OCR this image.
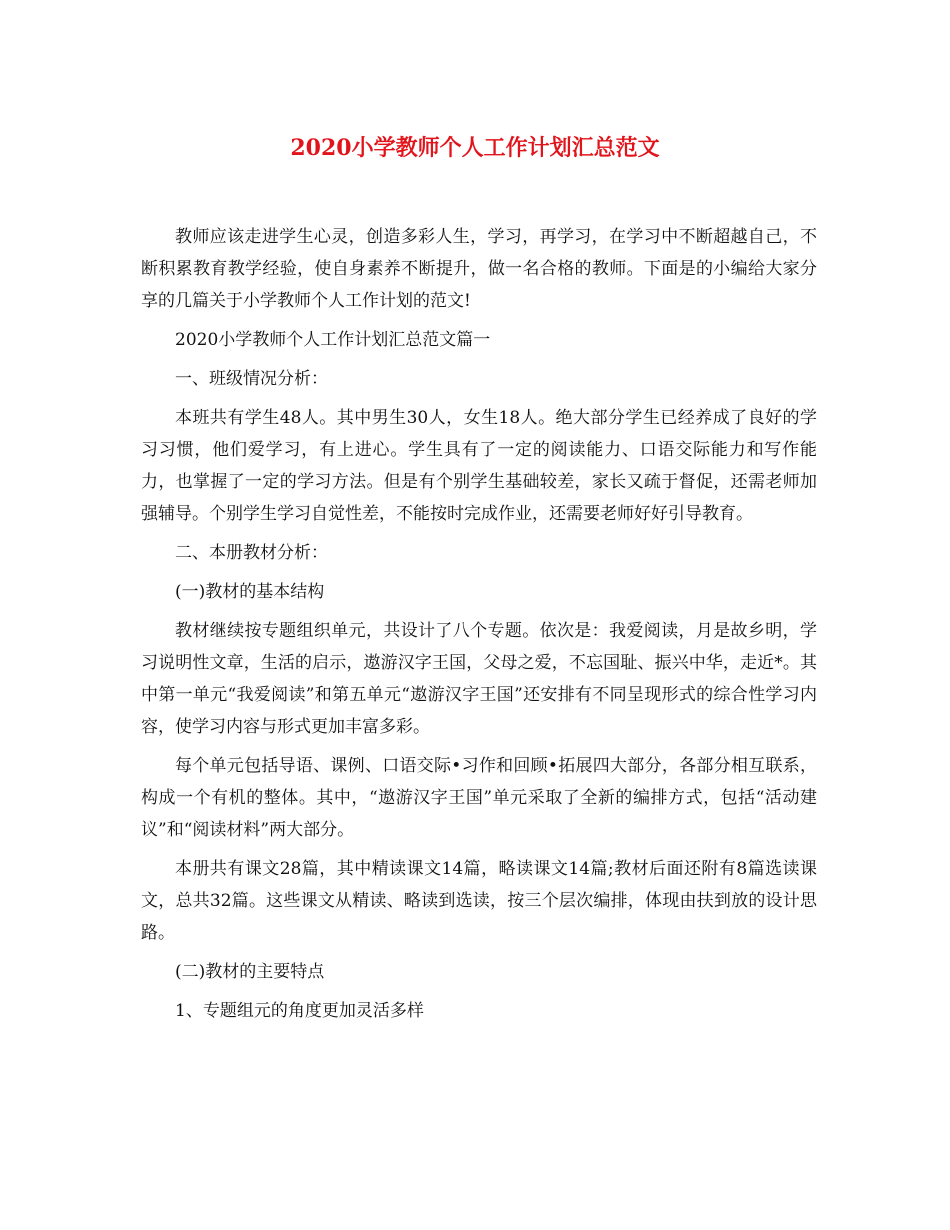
2020小学教师个人工作计划汇总范文

教师应该走进学生心灵，创造多彩人生，学习，再学习，在学习中不断超越自己，不断积累教育教学经验，使自身素养不断提升，做一名合格的教师。下面是的小编给大家分享的几篇关于小学教师个人工作计划的范文!

2020小学教师个人工作计划汇总范文篇一

一、班级情况分析：

本班共有学生48人。其中男生30人，女生18人。绝大部分学生已经养成了良好的学习习惯，他们爱学习，有上进心。学生具有了一定的阅读能力、口语交际能力和写作能力，也掌握了一定的学习方法。但是有个别学生基础较差，家长又疏于督促，还需老师加强辅导。个别学生学习自觉性差，不能按时完成作业，还需要老师好好引导教育。

二、本册教材分析：

(一)教材的基本结构

教材继续按专题组织单元，共设计了八个专题。依次是：我爱阅读，月是故乡明，学习说明性文章，生活的启示，遨游汉字王国，父母之爱，不忘国耻、振兴中华，走近*。其中第一单元“我爱阅读”和第五单元“遨游汉字王国”还安排有不同呈现形式的综合性学习内容，使学习内容与形式更加丰富多彩。

每个单元包括导语、课例、口语交际•习作和回顾•拓展四大部分，各部分相互联系，构成一个有机的整体。其中，“遨游汉字王国”单元采取了全新的编排方式，包括“活动建议”和“阅读材料”两大部分。

本册共有课文28篇，其中精读课文14篇，略读课文14篇;教材后面还附有8篇选读课文，总共32篇。这些课文从精读、略读到选读，按三个层次编排，体现由扶到放的设计思路。

(二)教材的主要特点

1、专题组元的角度更加灵活多样
